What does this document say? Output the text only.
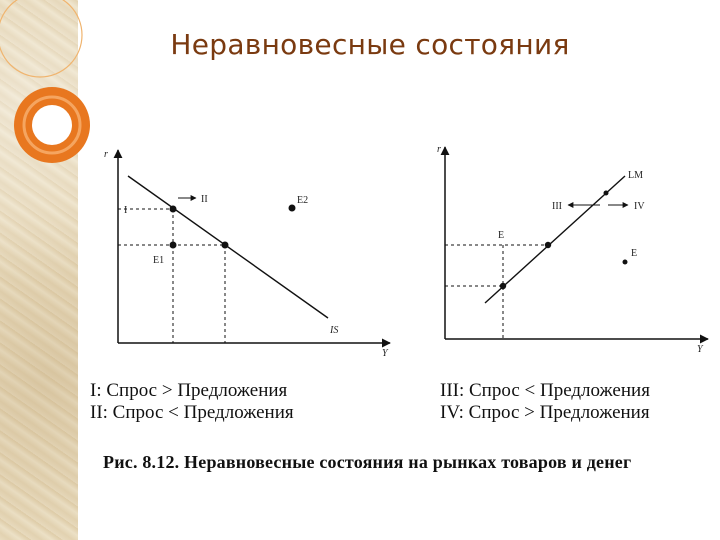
Неравновесные состояния
r
Y
IS
I
II
E1
E2
r
Y
LM
III	IV
E
E
I: Спрос > Предложения
II: Спрос < Предложения
III: Спрос < Предложения
IV: Спрос > Предложения
Рис. 8.12. Неравновесные состояния на рынках товаров и денег
